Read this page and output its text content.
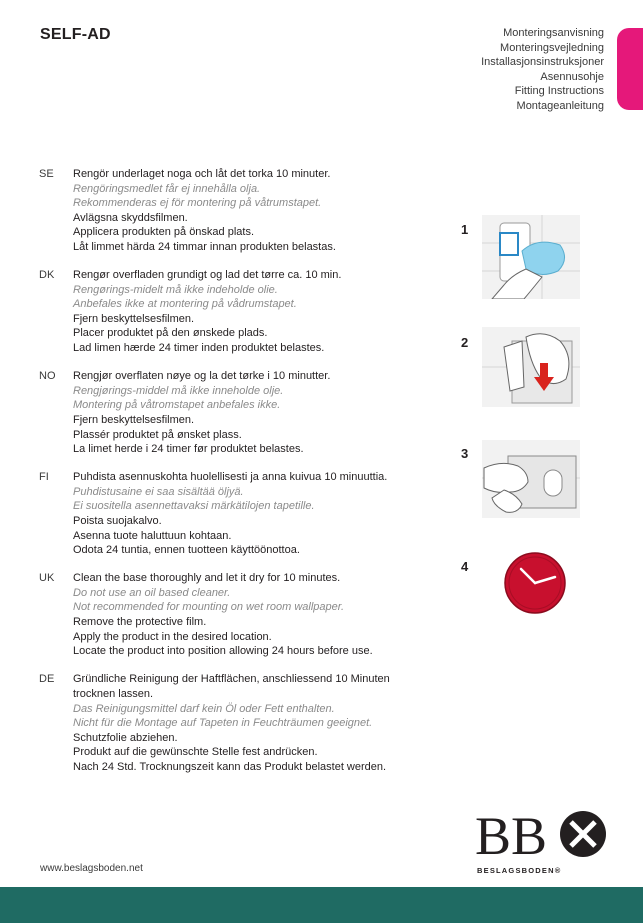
SELF-AD	Monteringsanvisning
Monteringsvejledning
Installasjonsinstruksjoner
Asennusohje
Fitting Instructions
Montageanleitung
SE	Rengör underlaget noga och låt det torka 10 minuter.
Rengöringsmedlet får ej innehålla olja.
Rekommenderas ej för montering på våtrumstapet.
Avlägsna skyddsfilmen.
Applicera produkten på önskad plats.
Låt limmet härda 24 timmar innan produkten belastas.
DK	Rengør overfladen grundigt og lad det tørre ca. 10 min.
Rengørings-midelt må ikke indeholde olie.
Anbefales ikke at montering på vådrumstapet.
Fjern beskyttelsesfilmen.
Placer produktet på den ønskede plads.
Lad limen hærde 24 timer inden produktet belastes.
NO	Rengjør overflaten nøye og la det tørke i 10 minutter.
Rengjørings-middel må ikke inneholde olje.
Montering på våtromstapet anbefales ikke.
Fjern beskyttelsesfilmen.
Plassér produktet på ønsket plass.
La limet herde i 24 timer før produktet belastes.
FI	Puhdista asennuskohta huolellisesti ja anna kuivua 10 minuuttia.
Puhdistusaine ei saa sisältää öljyä.
Ei suositella asennettavaksi märkätilojen tapetille.
Poista suojakalvo.
Asenna tuote haluttuun kohtaan.
Odota 24 tuntia, ennen tuotteen käyttöönottoa.
UK	Clean the base thoroughly and let it dry for 10 minutes.
Do not use an oil based cleaner.
Not recommended for mounting on wet room wallpaper.
Remove the protective film.
Apply the product in the desired location.
Locate the product into position allowing 24 hours before use.
DE	Gründliche Reinigung der Haftflächen, anschliessend 10 Minuten
trocknen lassen.
Das Reinigungsmittel darf kein Öl oder Fett enthalten.
Nicht für die Montage auf Tapeten in Feuchträumen geeignet.
Schutzfolie abziehen.
Produkt auf die gewünschte Stelle fest andrücken.
Nach 24 Std. Trocknungszeit kann das Produkt belastet werden.
1
2
3
4
www.beslagsboden.net
BB
BESLAGSBODEN®
